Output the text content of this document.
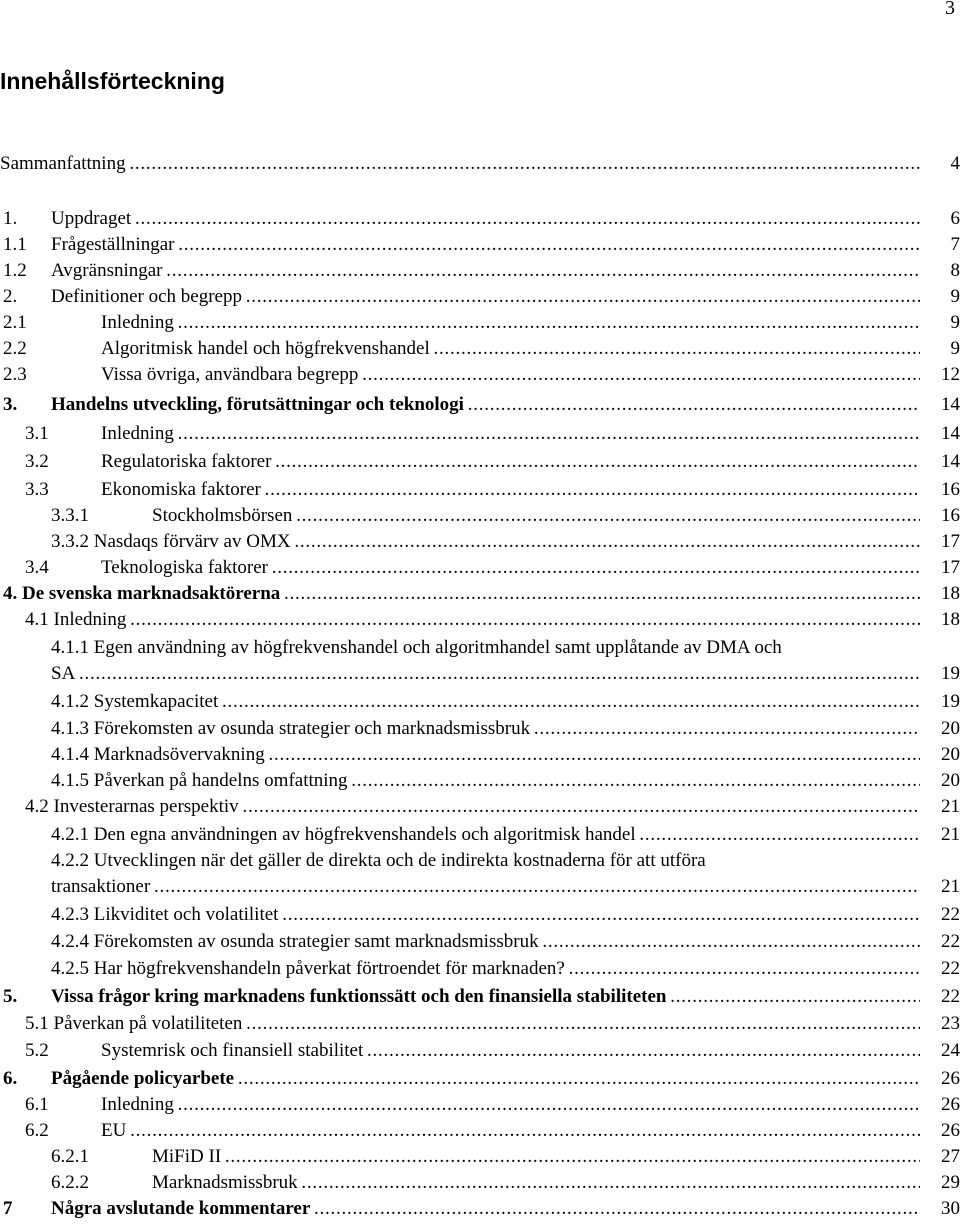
3
Innehållsförteckning
Sammanfattning . . .	4
1. Uppdraget . . .	6
1.1 Frågeställningar . . .	7
1.2 Avgränsningar . . .	8
2. Definitioner och begrepp . . .	9
2.1	Inledning . . .	9
2.2	Algoritmisk handel och högfrekvenshandel . . .	9
2.3	Vissa övriga, användbara begrepp . . .	12
3. Handelns utveckling, förutsättningar och teknologi . . .	14
3.1	Inledning . . .	14
3.2	Regulatoriska faktorer . . .	14
3.3	Ekonomiska faktorer . . .	16
3.3.1	Stockholmsbörsen . . .	16
3.3.2 Nasdaqs förvärv av OMX . . .	17
3.4	Teknologiska faktorer . . .	17
4. De svenska marknadsaktörerna . . .	18
4.1 Inledning . . .	18
4.1.1 Egen användning av högfrekvenshandel och algoritmhandel samt upplåtande av DMA och
SA . . .	19
4.1.2 Systemkapacitet . . .	19
4.1.3 Förekomsten av osunda strategier och marknadsmissbruk . . .	20
4.1.4 Marknadsövervakning . . .	20
4.1.5 Påverkan på handelns omfattning . . .	20
4.2 Investerarnas perspektiv . . .	21
4.2.1 Den egna användningen av högfrekvenshandels och algoritmisk handel . . .	21
4.2.2 Utvecklingen när det gäller de direkta och de indirekta kostnaderna för att utföra
transaktioner . . .	21
4.2.3 Likviditet och volatilitet . . .	22
4.2.4 Förekomsten av osunda strategier samt marknadsmissbruk . . .	22
4.2.5 Har högfrekvenshandeln påverkat förtroendet för marknaden? . . .	22
5. Vissa frågor kring marknadens funktionssätt och den finansiella stabiliteten . . .	22
5.1 Påverkan på volatiliteten . . .	23
5.2	Systemrisk och finansiell stabilitet . . .	24
6. Pågående policyarbete . . .	26
6.1	Inledning . . .	26
6.2	EU . . .	26
6.2.1	MiFiD II . . .	27
6.2.2	Marknadsmissbruk . . .	29
7 Några avslutande kommentarer . . .	30
